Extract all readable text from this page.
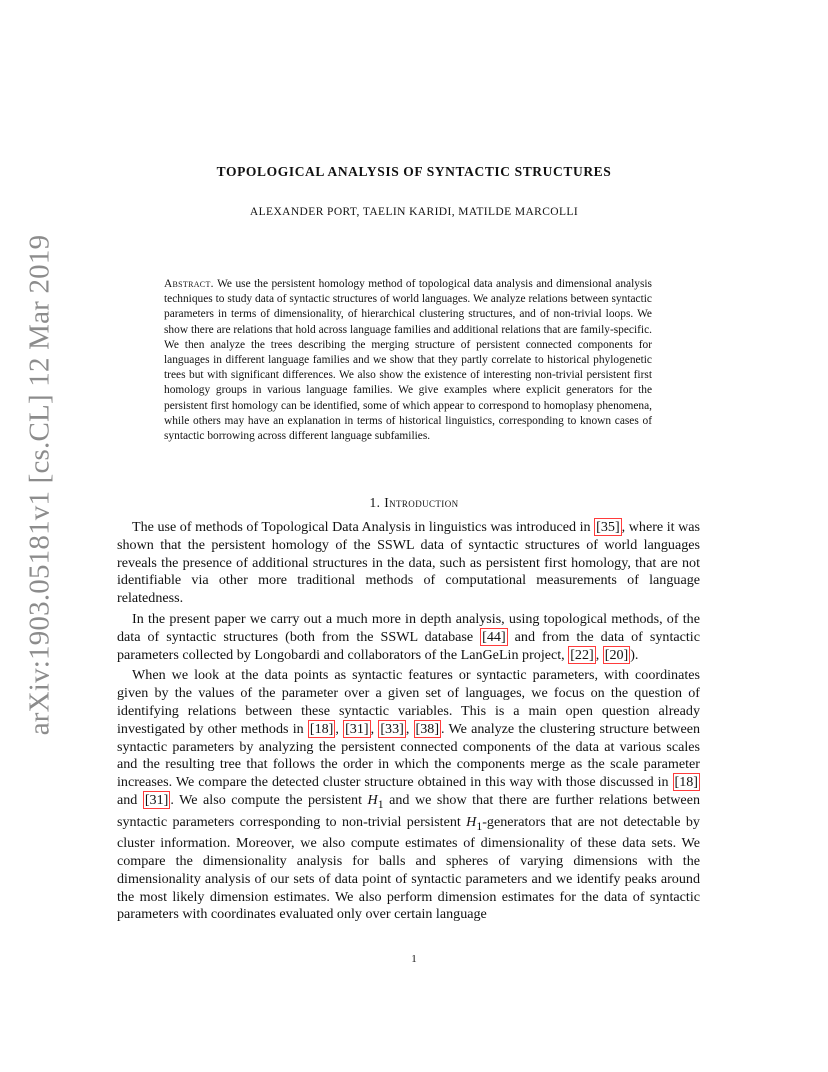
arXiv:1903.05181v1 [cs.CL] 12 Mar 2019
TOPOLOGICAL ANALYSIS OF SYNTACTIC STRUCTURES
ALEXANDER PORT, TAELIN KARIDI, MATILDE MARCOLLI
Abstract. We use the persistent homology method of topological data analysis and dimensional analysis techniques to study data of syntactic structures of world languages. We analyze relations between syntactic parameters in terms of dimensionality, of hierarchical clustering structures, and of non-trivial loops. We show there are relations that hold across language families and additional relations that are family-specific. We then analyze the trees describing the merging structure of persistent connected components for languages in different language families and we show that they partly correlate to historical phylogenetic trees but with significant differences. We also show the existence of interesting non-trivial persistent first homology groups in various language families. We give examples where explicit generators for the persistent first homology can be identified, some of which appear to correspond to homoplasy phenomena, while others may have an explanation in terms of historical linguistics, corresponding to known cases of syntactic borrowing across different language subfamilies.
1. Introduction

The use of methods of Topological Data Analysis in linguistics was introduced in [35] , where it was shown that the persistent homology of the SSWL data of syntactic structures of world languages reveals the presence of additional structures in the data, such as persistent first homology, that are not identifiable via other more traditional methods of computational measurements of language relatedness.

In the present paper we carry out a much more in depth analysis, using topological methods, of the data of syntactic structures (both from the SSWL database [44] and from the data of syntactic parameters collected by Longobardi and collaborators of the LanGeLin project, [22] , [20] ).

When we look at the data points as syntactic features or syntactic parameters, with coordinates given by the values of the parameter over a given set of languages, we focus on the question of identifying relations between these syntactic variables. This is a main open question already investigated by other methods in [18] , [31] , [33] , [38] . We analyze the clustering structure between syntactic parameters by analyzing the persistent connected components of the data at various scales and the resulting tree that follows the order in which the components merge as the scale parameter increases. We compare the detected cluster structure obtained in this way with those discussed in [18] and [31] . We also compute the persistent $H_1$ and we show that there are further relations between syntactic parameters corresponding to non-trivial persistent $H_1$-generators that are not detectable by cluster information. Moreover, we also compute estimates of dimensionality of these data sets. We compare the dimensionality analysis for balls and spheres of varying dimensions with the dimensionality analysis of our sets of data point of syntactic parameters and we identify peaks around the most likely dimension estimates. We also perform dimension estimates for the data of syntactic parameters with coordinates evaluated only over certain language

1
